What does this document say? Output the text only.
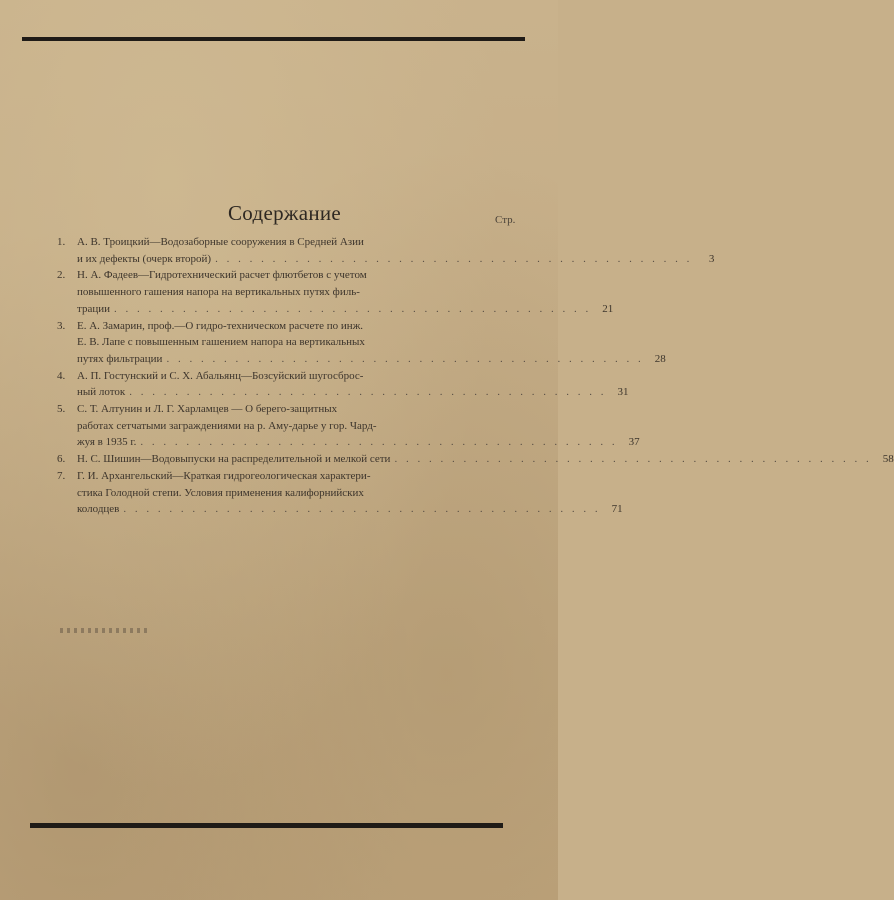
Содержание	Стр.
1.	А. В. Троицкий—Водозаборные сооружения в Средней Азии
и их дефекты (очерк второй) . . . . . . . . . . . . . . . . . . . . . . . . . . . . . . . . . . . . . . . . . .	3
2.	Н. А. Фадеев—Гидротехнический расчет флютбетов с учетом
повышенного гашения напора на вертикальных путях филь-
трации . . . . . . . . . . . . . . . . . . . . . . . . . . . . . . . . . . . . . . . . . .	21
3.	Е. А. Замарин, проф.—О гидро-техническом расчете по инж.
Е. В. Лапе с повышенным гашением напора на вертикальных
путях фильтрации . . . . . . . . . . . . . . . . . . . . . . . . . . . . . . . . . . . . . . . . . .	28
4.	А. П. Гостунский и С. Х. Абальянц—Бозсуйский шугосброс-
ный лоток . . . . . . . . . . . . . . . . . . . . . . . . . . . . . . . . . . . . . . . . . .	31
5.	С. Т. Алтунин и Л. Г. Харламцев — О берего-защитных
работах сетчатыми заграждениями на р. Аму-дарье у гор. Чард-
жуя в 1935 г. . . . . . . . . . . . . . . . . . . . . . . . . . . . . . . . . . . . . . . . . . .	37
6.	Н. С. Шишин—Водовыпуски на распределительной и мелкой сети . . . . . . . . . . . . . . . . . . . . . . . . . . . . . . . . . . . . . . . . . .	58
7.	Г. И. Архангельский—Краткая гидрогеологическая характери-
стика Голодной степи. Условия применения калифорнийских
колодцев . . . . . . . . . . . . . . . . . . . . . . . . . . . . . . . . . . . . . . . . . .	71
